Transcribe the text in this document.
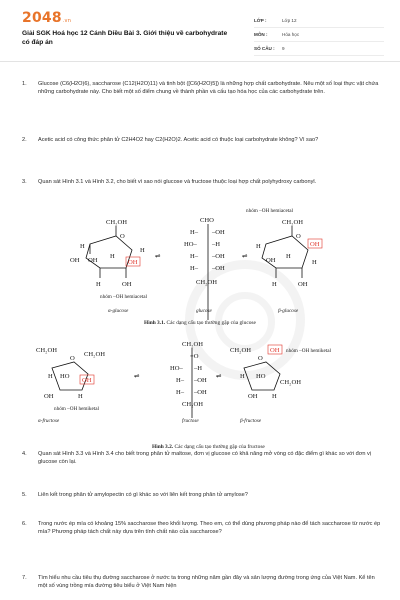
2048.vn
Giải SGK Hoá học 12 Cánh Diều Bài 3. Giới thiệu về carbohydrate có đáp án
LỚP :	Lớp 12
MÔN :	Hóa học
SỐ CÂU :	9
1. Glucose (C6(H2O)6), saccharose (C12(H2O)11) và tinh bột ([C6(H2O)5]) là những hợp chất carbohydrate. Nêu một số loại thực vật chứa những carbohydrate này. Cho biết một số điểm chung về thành phần và cấu tạo hóa học của các carbohydrate trên.
2. Acetic acid có công thức phân tử C2H4O2 hay C2(H2O)2. Acetic acid có thuộc loại carbohydrate không? Vì sao?
3. Quan sát Hình 3.1 và Hình 3.2, cho biết vì sao nói glucose và fructose thuộc loại hợp chất polyhydroxy carbonyl.
nhóm –OH hemiacetal
CH₂OH
H
O
H
OH
H
OH
OH
H	OH
⇌
CHO
H– –OH
HO– –H
H– –OH
H– –OH
CH₂OH
⇌
CH₂OH
H
O
OH
OH
H
H
H	OH
nhóm –OH hemiacetal
α-glucose	glucose	β-glucose
Hình 3.1. Các dạng cấu tạo thường gặp của glucose
CH₂OH
CH₂OH
O
H HO
OH
OH	H
nhóm –OH hemiketal
α-fructose
⇌
CH₂OH
=O
HO– –H
H– –OH
H– –OH
CH₂OH
fructose
⇌
CH₂OH	OH nhóm –OH hemiketal
O
H HO
CH₂OH
OH H
β-fructose
Hình 3.2. Các dạng cấu tạo thường gặp của fructose
4. Quan sát Hình 3.3 và Hình 3.4 cho biết trong phân tử maltose, đơn vị glucose có khả năng mở vòng có đặc điểm gì khác so với đơn vị glucose còn lại.
5. Liên kết trong phân tử amylopectin có gì khác so với liên kết trong phân tử amylose?
6. Trong nước ép mía có khoảng 15% saccharose theo khối lượng. Theo em, có thể dùng phương pháp nào để tách saccharose từ nước ép mía? Phương pháp tách chất này dựa trên tính chất nào của saccharose?
7. Tìm hiểu nhu cầu tiêu thụ đường saccharose ở nước ta trong những năm gần đây và sản lượng đường trong ứng của Việt Nam. Kể tên một số vùng trồng mía đường tiêu biểu ở Việt Nam hiện
